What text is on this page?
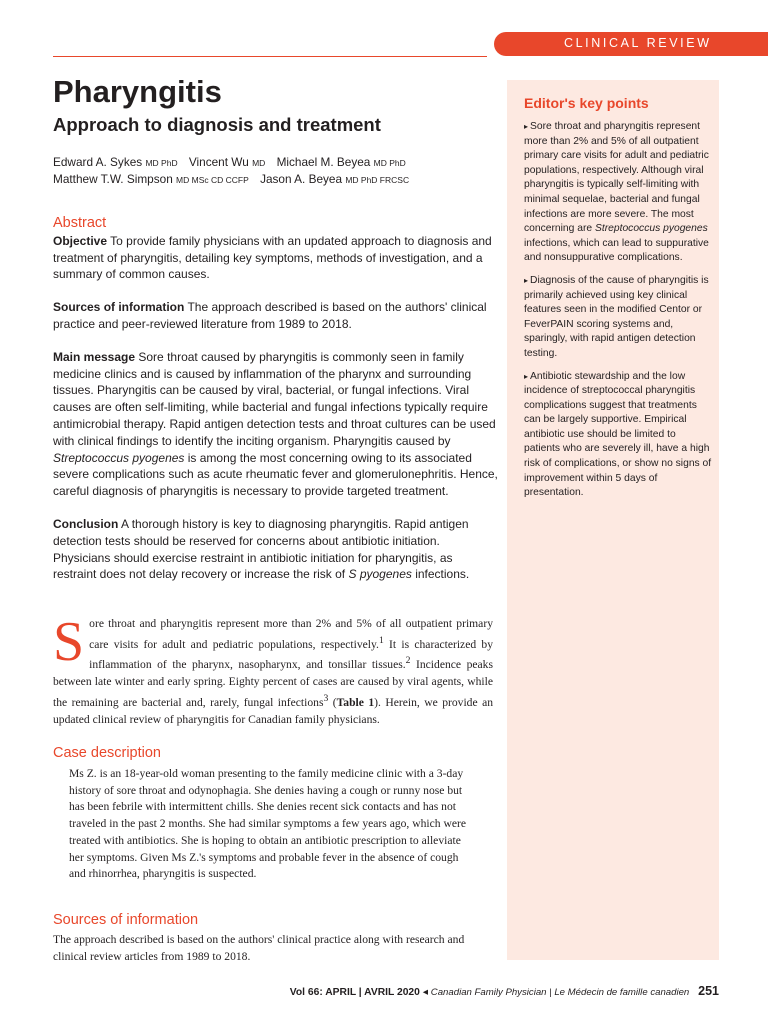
CLINICAL REVIEW
Pharyngitis
Approach to diagnosis and treatment
Edward A. Sykes MD PhD Vincent Wu MD Michael M. Beyea MD PhD
Matthew T.W. Simpson MD MSc CD CCFP Jason A. Beyea MD PhD FRCSC
Abstract

Objective To provide family physicians with an updated approach to diagnosis and treatment of pharyngitis, detailing key symptoms, methods of investigation, and a summary of common causes.

Sources of information The approach described is based on the authors' clinical practice and peer-reviewed literature from 1989 to 2018.

Main message Sore throat caused by pharyngitis is commonly seen in family medicine clinics and is caused by inflammation of the pharynx and surrounding tissues. Pharyngitis can be caused by viral, bacterial, or fungal infections. Viral causes are often self-limiting, while bacterial and fungal infections typically require antimicrobial therapy. Rapid antigen detection tests and throat cultures can be used with clinical findings to identify the inciting organism. Pharyngitis caused by Streptococcus pyogenes is among the most concerning owing to its associated severe complications such as acute rheumatic fever and glomerulonephritis. Hence, careful diagnosis of pharyngitis is necessary to provide targeted treatment.

Conclusion A thorough history is key to diagnosing pharyngitis. Rapid antigen detection tests should be reserved for concerns about antibiotic initiation. Physicians should exercise restraint in antibiotic initiation for pharyngitis, as restraint does not delay recovery or increase the risk of S pyogenes infections.

Sore throat and pharyngitis represent more than 2% and 5% of all outpatient primary care visits for adult and pediatric populations, respectively.$^1$ It is characterized by inflammation of the pharynx, nasopharynx, and tonsillar tissues.$^2$ Incidence peaks between late winter and early spring. Eighty percent of cases are caused by viral agents, while the remaining are bacterial and, rarely, fungal infections$^3$ (Table 1). Herein, we provide an updated clinical review of pharyngitis for Canadian family physicians.

Case description

Ms Z. is an 18-year-old woman presenting to the family medicine clinic with a 3-day history of sore throat and odynophagia. She denies having a cough or runny nose but has been febrile with intermittent chills. She denies recent sick contacts and has not traveled in the past 2 months. She had similar symptoms a few years ago, which were treated with antibiotics. She is hoping to obtain an antibiotic prescription to alleviate her symptoms. Given Ms Z.'s symptoms and probable fever in the absence of cough and rhinorrhea, pharyngitis is suspected.

Sources of information

The approach described is based on the authors' clinical practice along with research and clinical review articles from 1989 to 2018.

Editor's key points
▸ Sore throat and pharyngitis represent more than 2% and 5% of all outpatient primary care visits for adult and pediatric populations, respectively. Although viral pharyngitis is typically self-limiting with minimal sequelae, bacterial and fungal infections are more severe. The most concerning are Streptococcus pyogenes infections, which can lead to suppurative and nonsuppurative complications.
▸ Diagnosis of the cause of pharyngitis is primarily achieved using key clinical features seen in the modified Centor or FeverPAIN scoring systems and, sparingly, with rapid antigen detection testing.
▸ Antibiotic stewardship and the low incidence of streptococcal pharyngitis complications suggest that treatments can be largely supportive. Empirical antibiotic use should be limited to patients who are severely ill, have a high risk of complications, or show no signs of improvement within 5 days of presentation.
Vol 66: APRIL | AVRIL 2020 ◂ Canadian Family Physician | Le Médecin de famille canadien 251
